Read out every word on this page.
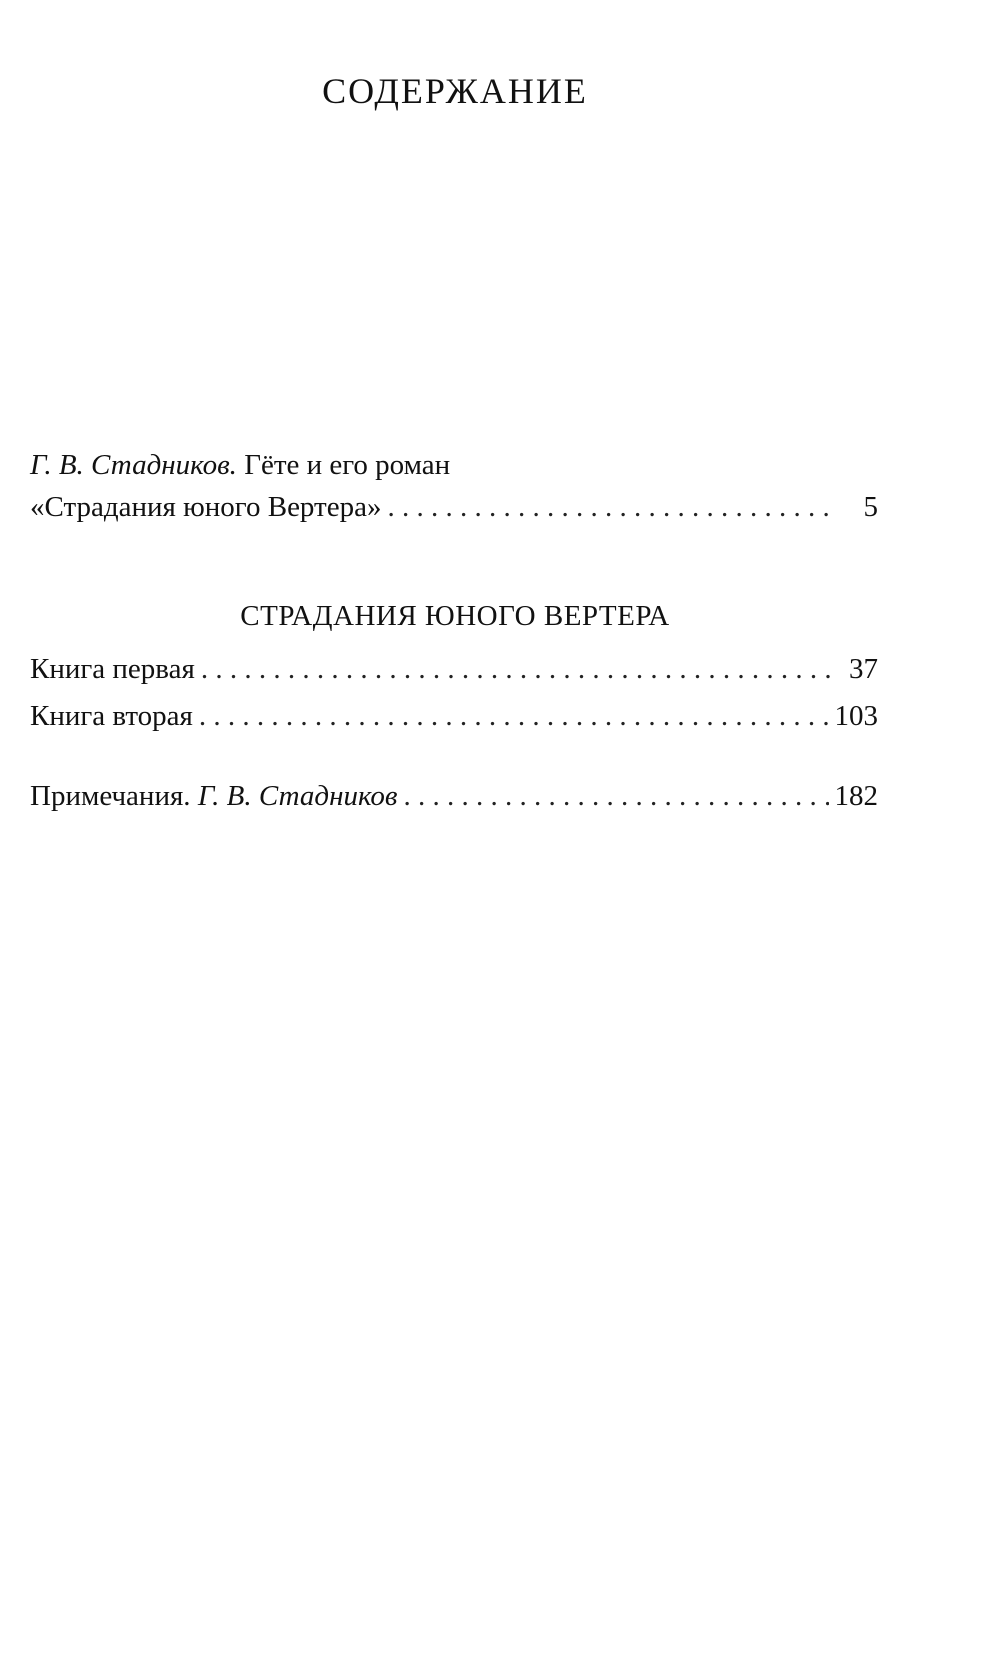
СОДЕРЖАНИЕ
Г. В. Стадников. Гёте и его роман
«Страдания юного Вертера» . . .	5
СТРАДАНИЯ ЮНОГО ВЕРТЕРА
Книга первая . . .	37
Книга вторая . . .	103
Примечания. Г. В. Стадников . . .	182
